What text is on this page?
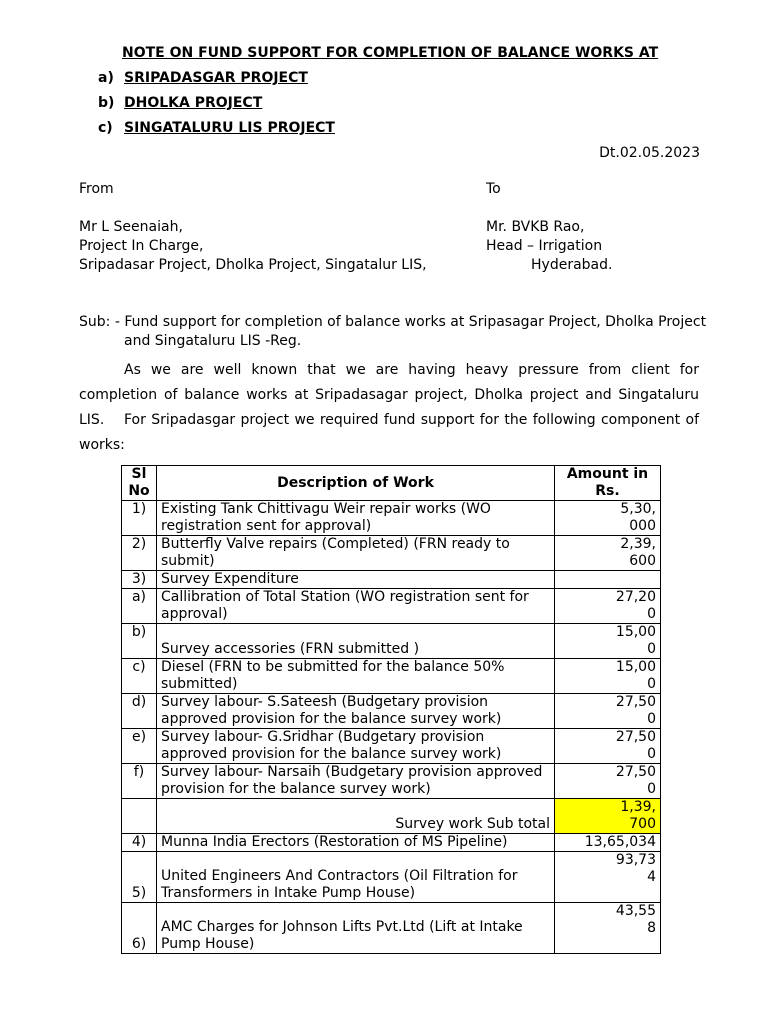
NOTE ON FUND SUPPORT FOR COMPLETION OF BALANCE WORKS AT
a) SRIPADASGAR PROJECT
b) DHOLKA PROJECT
c) SINGATALURU LIS PROJECT
Dt.02.05.2023
From	To
Mr L Seenaiah,
Project In Charge,
Sripadasar Project, Dholka Project, Singatalur LIS,
Mr. BVKB Rao,
Head – Irrigation
Hyderabad.
Sub: - Fund support for completion of balance works at Sripasagar Project, Dholka Project
and Singataluru LIS -Reg.
As we are well known that we are having heavy pressure from client for completion of balance works at Sripadasagar project, Dholka project and Singataluru LIS.	For Sripadasgar project we required fund support for the following component of works:
Sl No	Description of Work	Amount in Rs.
1)	Existing Tank Chittivagu Weir repair works (WO registration sent for approval)	5,30,000
2)	Butterfly Valve repairs (Completed) (FRN ready to submit)	2,39,600
3)	Survey Expenditure	
a)	Callibration of Total Station (WO registration sent for approval)	27,200
b)	Survey accessories (FRN submitted )	15,000
c)	Diesel (FRN to be submitted for the balance 50% submitted)	15,000
d)	Survey labour- S.Sateesh (Budgetary provision approved provision for the balance survey work)	27,500
e)	Survey labour- G.Sridhar (Budgetary provision approved provision for the balance survey work)	27,500
f)	Survey labour- Narsaih (Budgetary provision approved provision for the balance survey work)	27,500
	Survey work Sub total	1,39,700
4)	Munna India Erectors (Restoration of MS Pipeline)	13,65,034
5)	United Engineers And Contractors (Oil Filtration for Transformers in Intake Pump House)	93,734
6)	AMC Charges for Johnson Lifts Pvt.Ltd (Lift at Intake Pump House)	43,558
